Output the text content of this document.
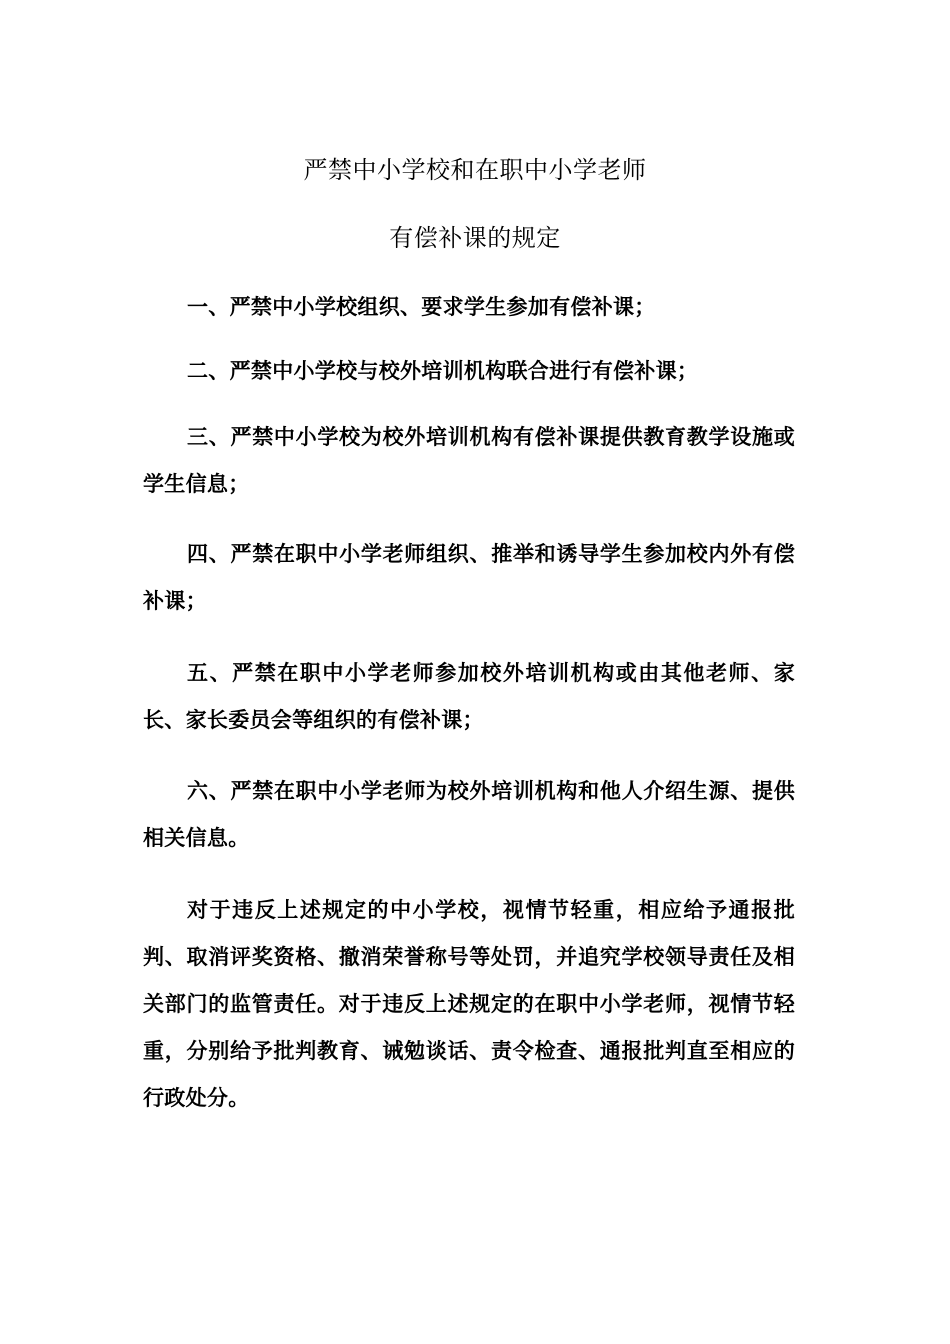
严禁中小学校和在职中小学老师
有偿补课的规定

一、严禁中小学校组织、要求学生参加有偿补课；

二、严禁中小学校与校外培训机构联合进行有偿补课；

三、严禁中小学校为校外培训机构有偿补课提供教育教学设施或学生信息；

四、严禁在职中小学老师组织、推举和诱导学生参加校内外有偿补课；

五、严禁在职中小学老师参加校外培训机构或由其他老师、家长、家长委员会等组织的有偿补课；

六、严禁在职中小学老师为校外培训机构和他人介绍生源、提供相关信息。

对于违反上述规定的中小学校，视情节轻重，相应给予通报批判、取消评奖资格、撤消荣誉称号等处罚，并追究学校领导责任及相关部门的监管责任。对于违反上述规定的在职中小学老师，视情节轻重，分别给予批判教育、诫勉谈话、责令检查、通报批判直至相应的行政处分。
